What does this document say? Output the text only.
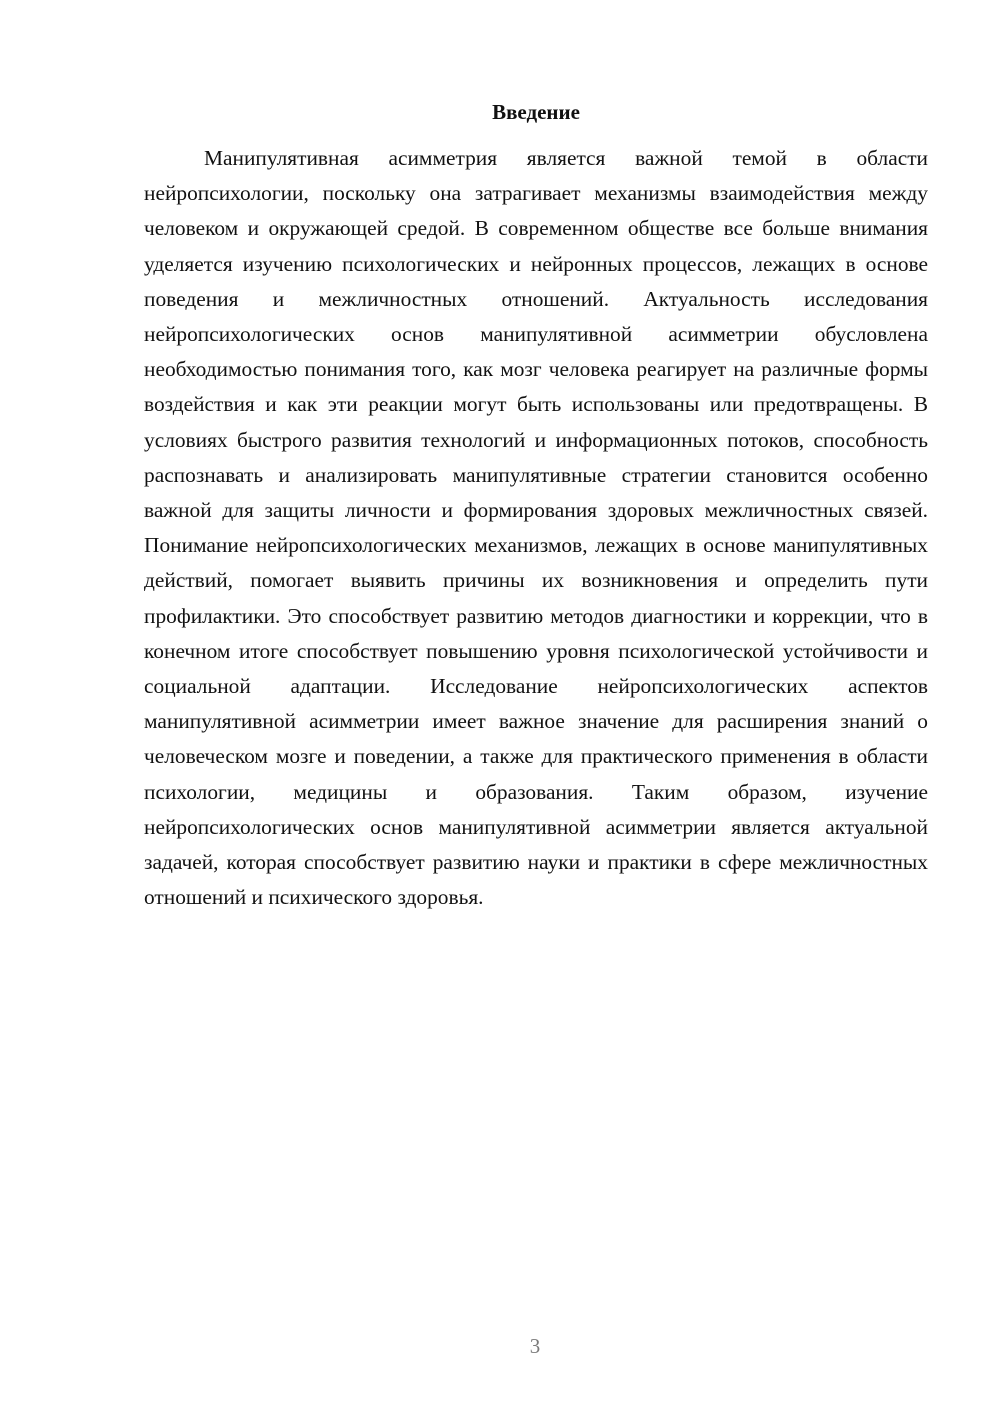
Введение

Манипулятивная асимметрия является важной темой в области нейропсихологии, поскольку она затрагивает механизмы взаимодействия между человеком и окружающей средой. В современном обществе все больше внимания уделяется изучению психологических и нейронных процессов, лежащих в основе поведения и межличностных отношений. Актуальность исследования нейропсихологических основ манипулятивной асимметрии обусловлена необходимостью понимания того, как мозг человека реагирует на различные формы воздействия и как эти реакции могут быть использованы или предотвращены. В условиях быстрого развития технологий и информационных потоков, способность распознавать и анализировать манипулятивные стратегии становится особенно важной для защиты личности и формирования здоровых межличностных связей. Понимание нейропсихологических механизмов, лежащих в основе манипулятивных действий, помогает выявить причины их возникновения и определить пути профилактики. Это способствует развитию методов диагностики и коррекции, что в конечном итоге способствует повышению уровня психологической устойчивости и социальной адаптации. Исследование нейропсихологических аспектов манипулятивной асимметрии имеет важное значение для расширения знаний о человеческом мозге и поведении, а также для практического применения в области психологии, медицины и образования. Таким образом, изучение нейропсихологических основ манипулятивной асимметрии является актуальной задачей, которая способствует развитию науки и практики в сфере межличностных отношений и психического здоровья.

3
